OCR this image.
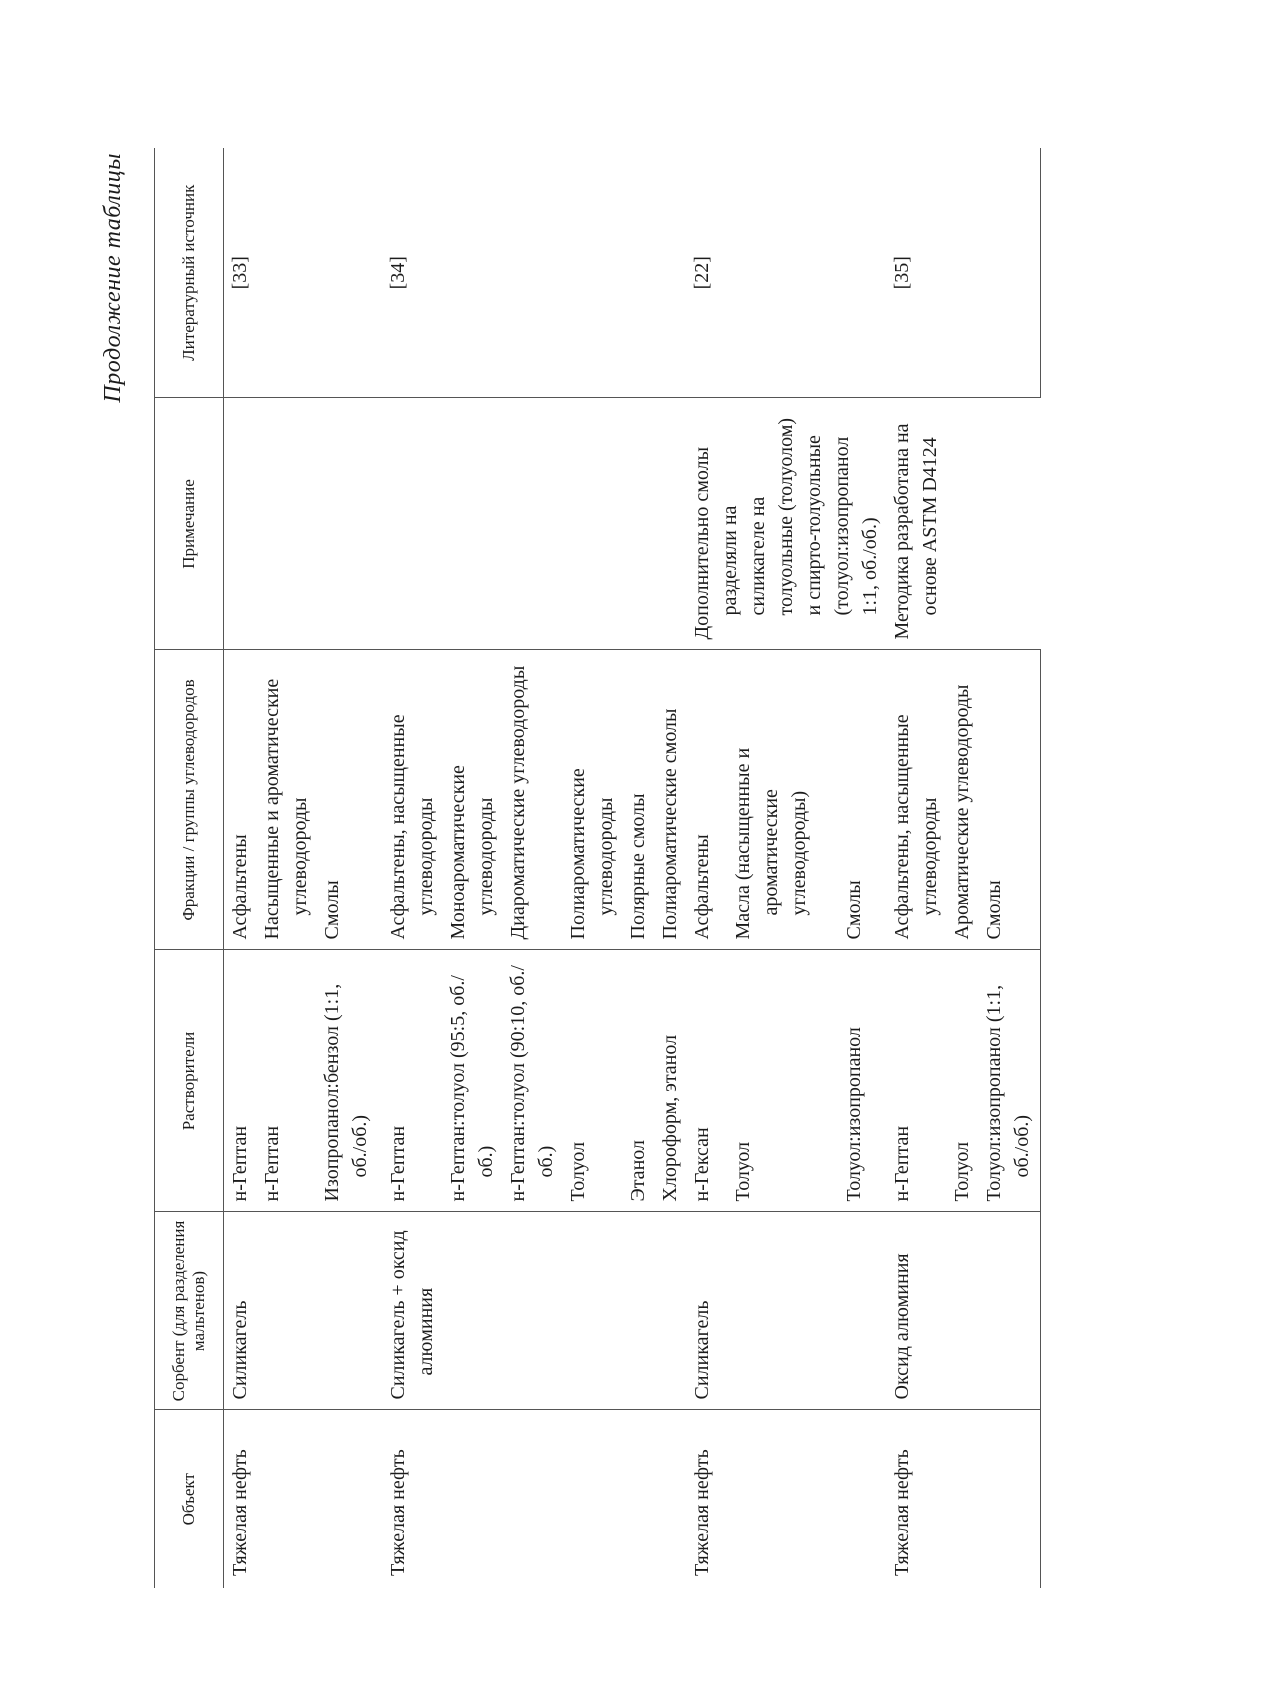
Продолжение таблицы
Объект	Сорбент (для разделения мальтенов)	Растворители	Фракции / группы углеводородов	Примечание	Литературный источник
Тяжелая нефть	Силикагель	н-Гептан	Асфальтены		[33]

		н-Гептан	Насыщенные и ароматические углеводороды		

		Изопропанол:бензол (1:1, об./об.)	Смолы		

Тяжелая нефть	Силикагель + оксид алюминия	н-Гептан	Асфальтены, насыщенные углеводороды		[34]

		н-Гептан:толуол (95:5, об./об.)	Моноароматические углеводороды		

		н-Гептан:толуол (90:10, об./об.)	Диароматические углеводороды		

		Толуол	Полиароматические углеводороды		

		Этанол	Полярные смолы		

		Хлороформ, этанол	Полиароматические смолы		

Тяжелая нефть	Силикагель	н-Гексан	Асфальтены	Дополнительно смолы разделяли на силикагеле на толуольные (толуолом) и спирто-толуольные (толуол:изопропанол 1:1, об./об.)	[22]

		Толуол	Масла (насыщенные и ароматические углеводороды)		

		Толуол:изопропанол	Смолы		

Тяжелая нефть	Оксид алюминия	н-Гептан	Асфальтены, насыщенные углеводороды	Методика разработана на основе ASTM D4124	[35]

		Толуол	Ароматические углеводороды		

		Толуол:изопропанол (1:1, об./об.)	Смолы		
